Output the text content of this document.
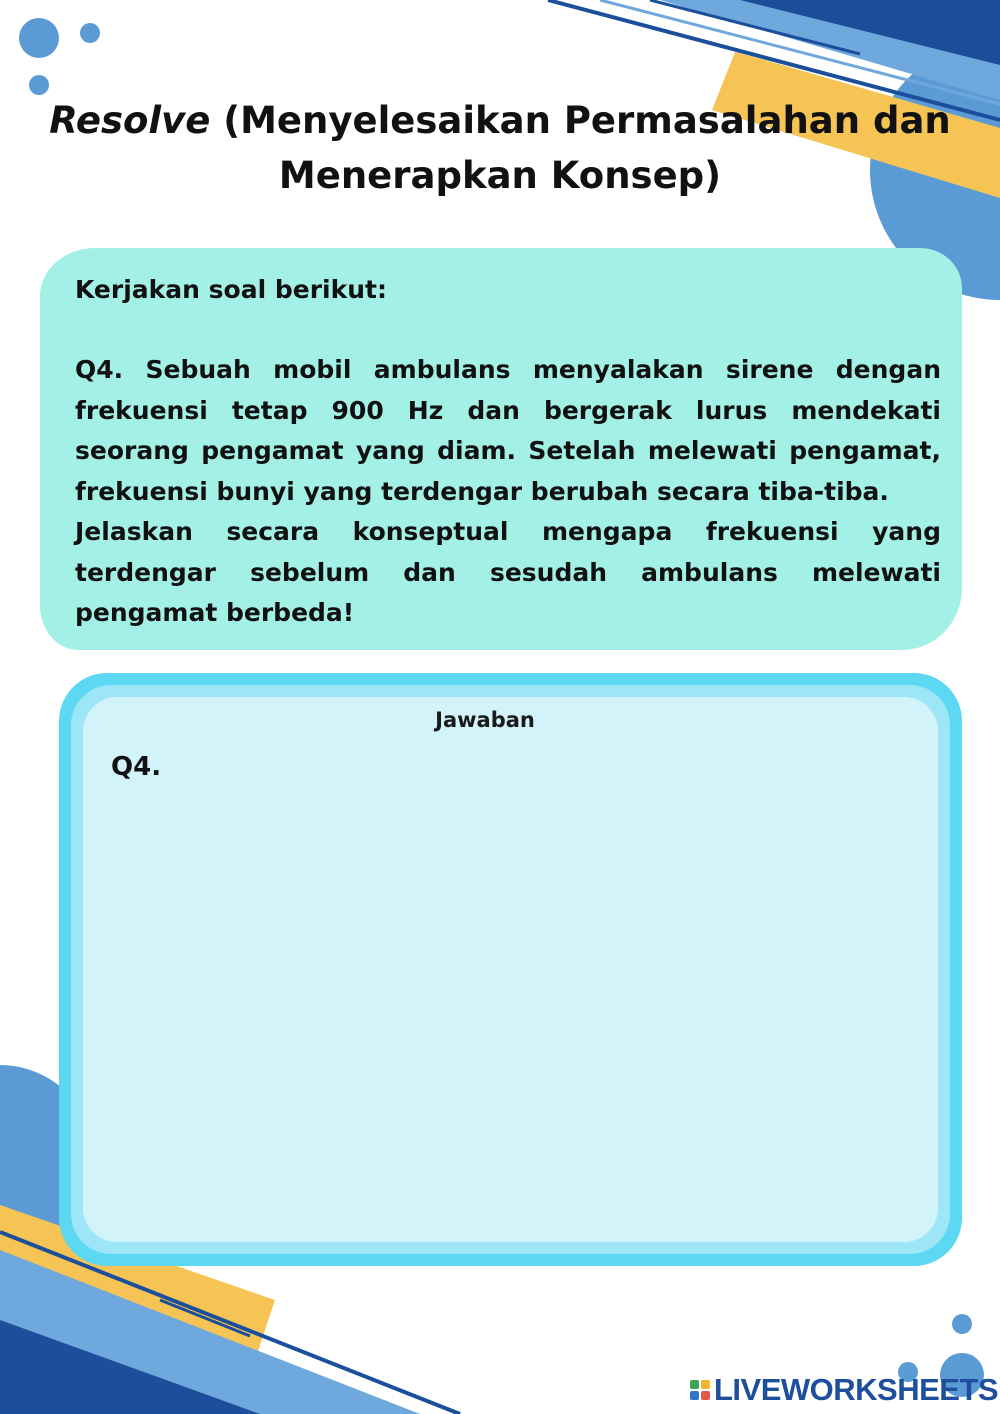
Resolve (Menyelesaikan Permasalahan dan
Menerapkan Konsep)
Kerjakan soal berikut:

Q4. Sebuah mobil ambulans menyalakan sirene dengan frekuensi tetap 900 Hz dan bergerak lurus mendekati seorang pengamat yang diam. Setelah melewati pengamat, frekuensi bunyi yang terdengar berubah secara tiba-tiba.

Jelaskan secara konseptual mengapa frekuensi yang terdengar sebelum dan sesudah ambulans melewati pengamat berbeda!

Jawaban
Q4.
LIVEWORKSHEETS
